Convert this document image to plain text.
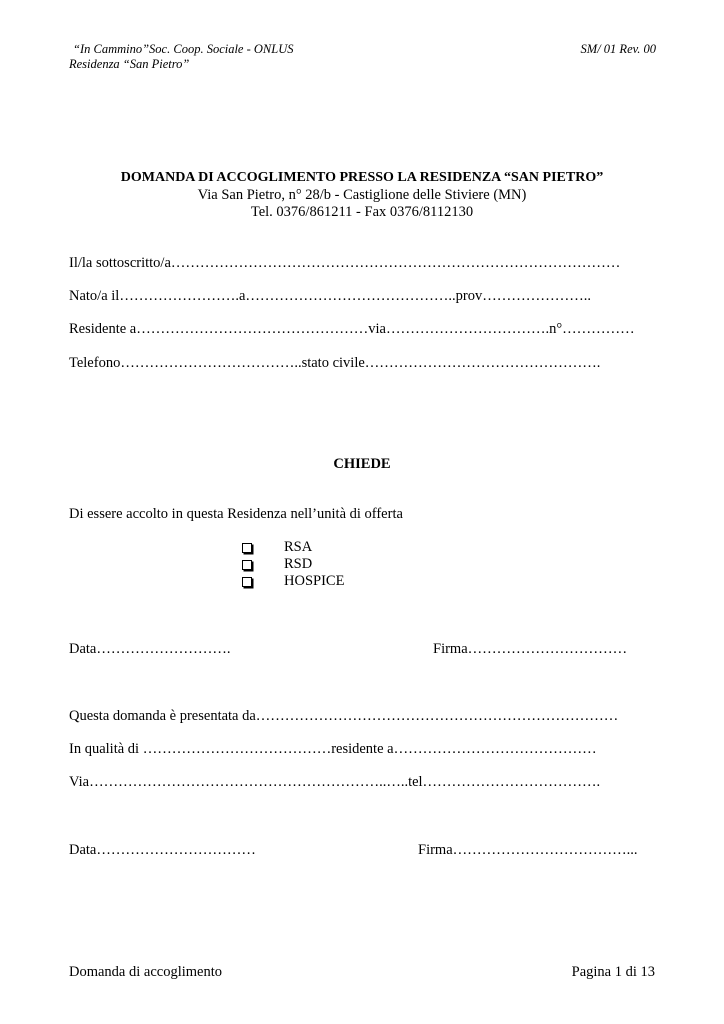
“In Cammino”Soc. Coop. Sociale - ONLUS
Residenza “San Pietro”
SM/ 01 Rev. 00
DOMANDA DI ACCOGLIMENTO PRESSO LA RESIDENZA “SAN PIETRO”
Via San Pietro, n° 28/b - Castiglione delle Stiviere (MN)
Tel. 0376/861211 - Fax 0376/8112130
Il/la sottoscritto/a…………………………………………………………………………………
Nato/a il…………………….a……………………………………..prov…………………..
Residente a…………………………………………via…………………………….n°……………
Telefono………………………………..stato civile………………………………………….
CHIEDE
Di essere accolto in questa Residenza nell’unità di offerta
RSA
RSD
HOSPICE
Data……………………….	Firma……………………………
Questa domanda è presentata da…………………………………………………………………
In qualità di …………………………………residente a……………………………………
Via……………………………………………………..…..tel……………………………….
Data……………………………	Firma………………………………...
Domanda di accoglimento	Pagina 1 di 13
